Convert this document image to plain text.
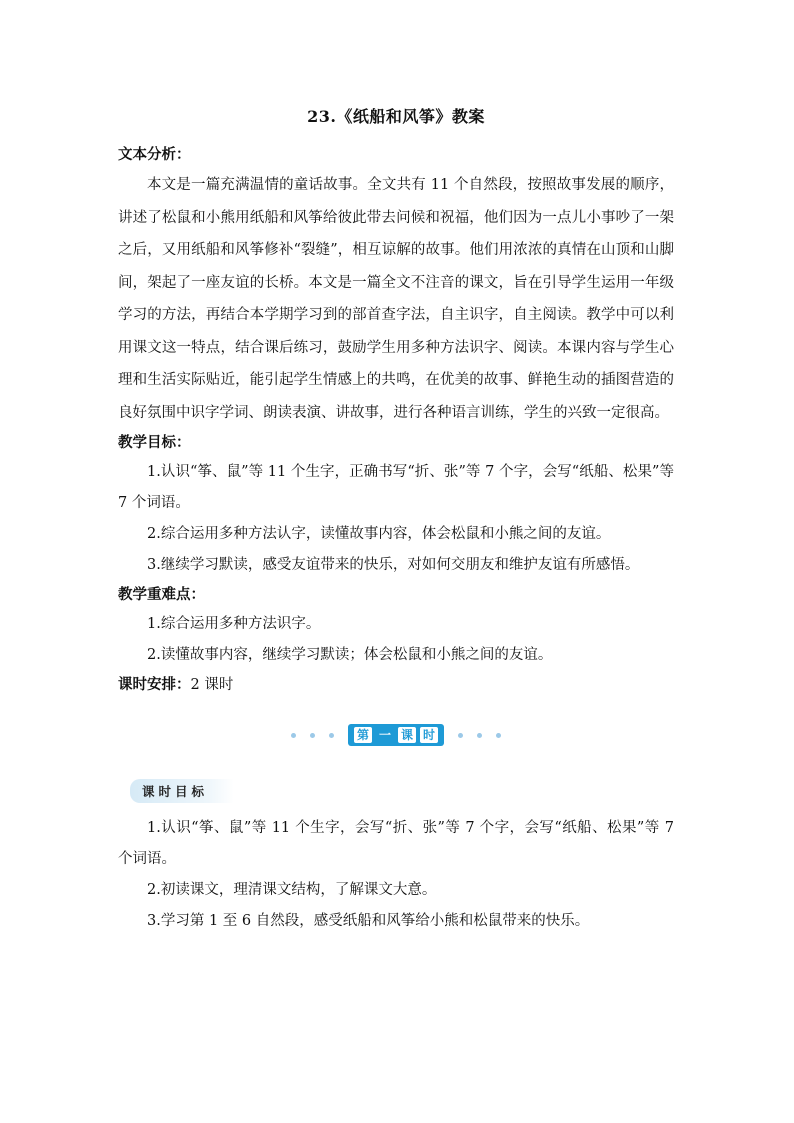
23.《纸船和风筝》教案

文本分析：

本文是一篇充满温情的童话故事。全文共有 11 个自然段，按照故事发展的顺序，讲述了松鼠和小熊用纸船和风筝给彼此带去问候和祝福，他们因为一点儿小事吵了一架之后，又用纸船和风筝修补“裂缝”，相互谅解的故事。他们用浓浓的真情在山顶和山脚间，架起了一座友谊的长桥。本文是一篇全文不注音的课文，旨在引导学生运用一年级学习的方法，再结合本学期学习到的部首查字法，自主识字，自主阅读。教学中可以利用课文这一特点，结合课后练习，鼓励学生用多种方法识字、阅读。本课内容与学生心理和生活实际贴近，能引起学生情感上的共鸣，在优美的故事、鲜艳生动的插图营造的良好氛围中识字学词、朗读表演、讲故事，进行各种语言训练，学生的兴致一定很高。

教学目标：

1.认识“筝、鼠”等 11 个生字，正确书写“折、张”等 7 个字，会写“纸船、松果”等 7 个词语。

2.综合运用多种方法认字，读懂故事内容，体会松鼠和小熊之间的友谊。

3.继续学习默读，感受友谊带来的快乐，对如何交朋友和维护友谊有所感悟。

教学重难点：

1.综合运用多种方法识字。

2.读懂故事内容，继续学习默读；体会松鼠和小熊之间的友谊。

课时安排：2 课时

第 一 课 时
课时目标

1.认识“筝、鼠”等 11 个生字，会写“折、张”等 7 个字，会写“纸船、松果”等 7 个词语。

2.初读课文，理清课文结构，了解课文大意。

3.学习第 1 至 6 自然段，感受纸船和风筝给小熊和松鼠带来的快乐。
